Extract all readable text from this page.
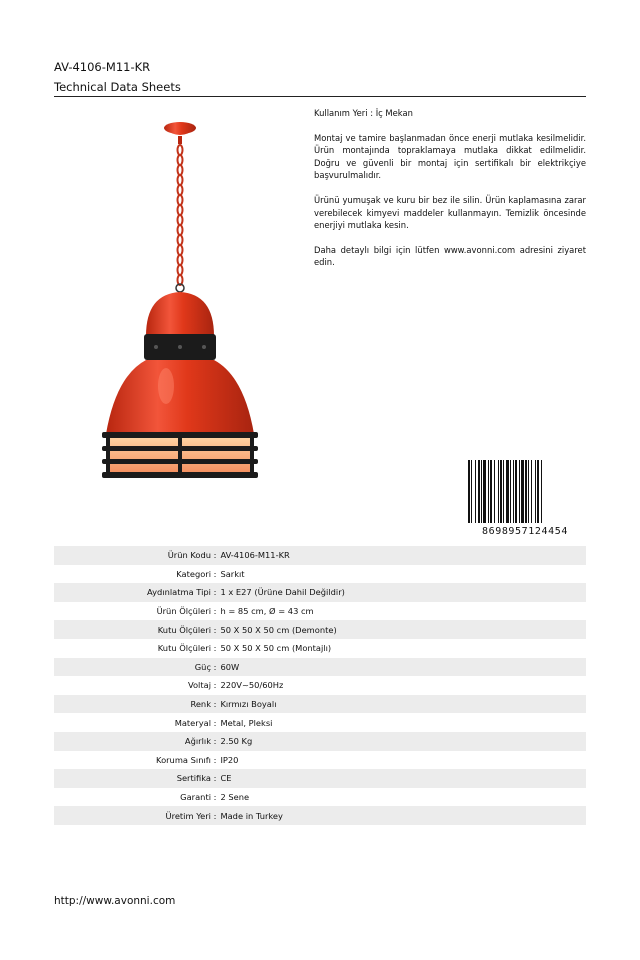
AV-4106-M11-KR
Technical Data Sheets

Kullanım Yeri : İç Mekan

Montaj ve tamire başlanmadan önce enerji mutlaka kesilmelidir. Ürün montajında topraklamaya mutlaka dikkat edilmelidir. Doğru ve güvenli bir montaj için sertifikalı bir elektrikçiye başvurulmalıdır.

Ürünü yumuşak ve kuru bir bez ile silin. Ürün kaplamasına zarar verebilecek kimyevi maddeler kullanmayın. Temizlik öncesinde enerjiyi mutlaka kesin.

Daha detaylı bilgi için lütfen www.avonni.com adresini ziyaret edin.

8698957124454
Ürün Kodu : AV-4106-M11-KR
Kategori : Sarkıt
Aydınlatma Tipi : 1 x E27 (Ürüne Dahil Değildir)
Ürün Ölçüleri : h = 85 cm, Ø = 43 cm
Kutu Ölçüleri : 50 X 50 X 50 cm (Demonte)
Kutu Ölçüleri : 50 X 50 X 50 cm (Montajlı)
Güç : 60W
Voltaj : 220V~50/60Hz
Renk : Kırmızı Boyalı
Materyal : Metal, Pleksi
Ağırlık : 2.50 Kg
Koruma Sınıfı : IP20
Sertifika : CE
Garanti : 2 Sene
Üretim Yeri : Made in Turkey
http://www.avonni.com
